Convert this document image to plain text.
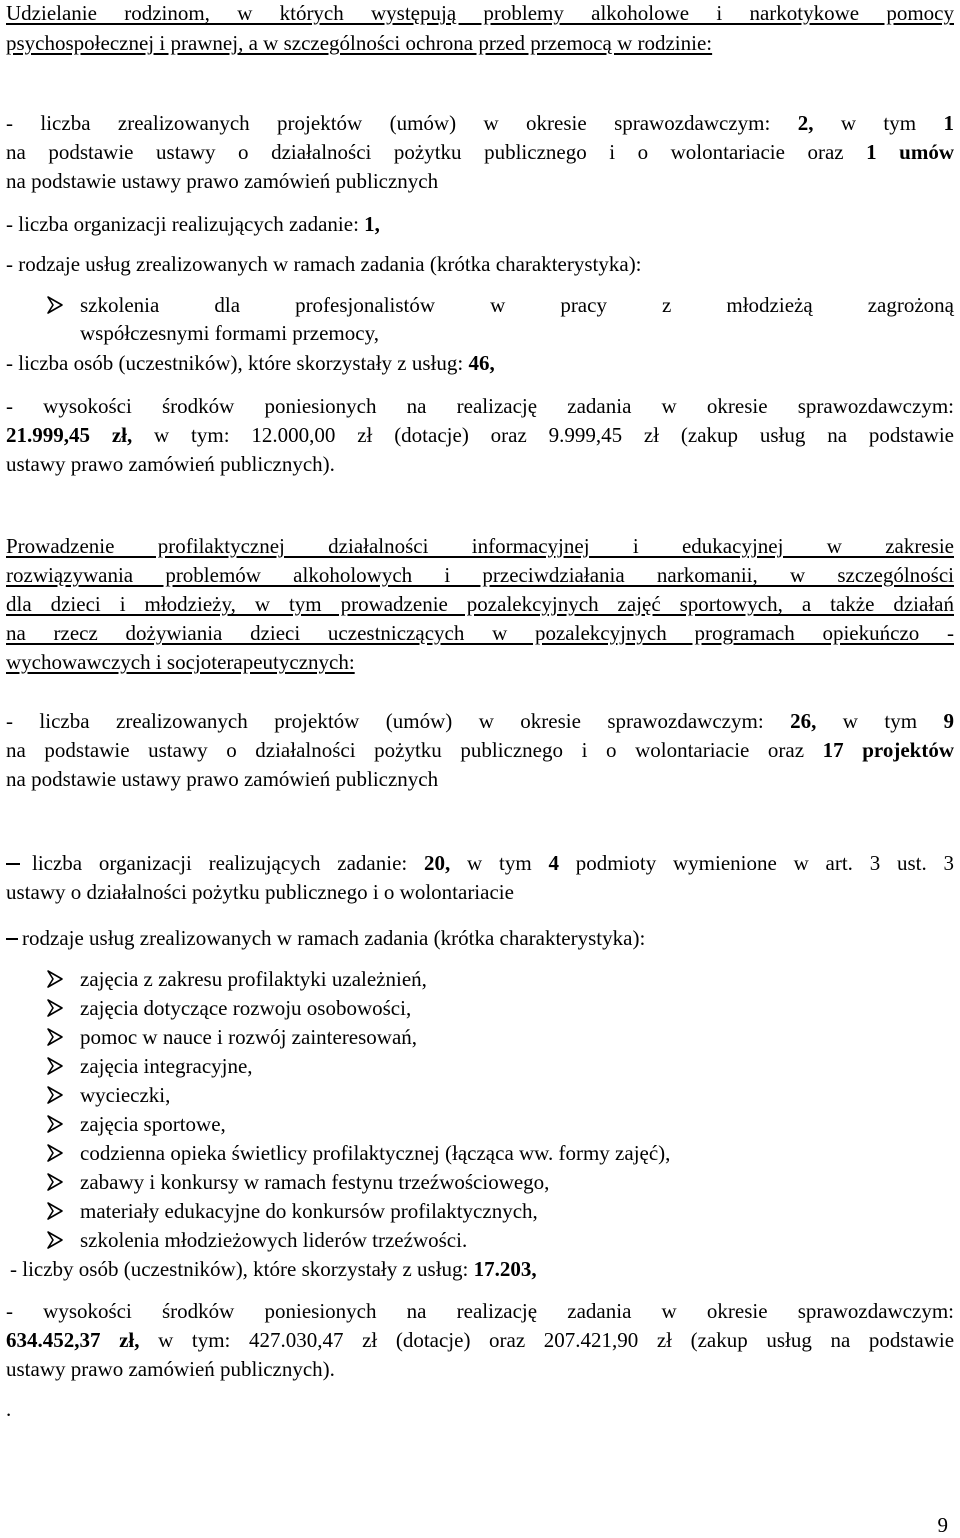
Udzielanie rodzinom, w których występują problemy alkoholowe i narkotykowe pomocy
psychospołecznej i prawnej, a w szczególności ochrona przed przemocą w rodzinie:
- liczba zrealizowanych projektów (umów) w okresie sprawozdawczym: 2, w tym 1
na podstawie ustawy o działalności pożytku publicznego i o wolontariacie oraz 1 umów
na podstawie ustawy prawo zamówień publicznych
- liczba organizacji realizujących zadanie: 1,
- rodzaje usług zrealizowanych w ramach zadania (krótka charakterystyka):
szkolenia dla profesjonalistów w pracy z młodzieżą zagrożoną
współczesnymi formami przemocy,
- liczba osób (uczestników), które skorzystały z usług: 46,
- wysokości środków poniesionych na realizację zadania w okresie sprawozdawczym:
21.999,45 zł, w tym: 12.000,00 zł (dotacje) oraz 9.999,45 zł (zakup usług na podstawie
ustawy prawo zamówień publicznych).
Prowadzenie profilaktycznej działalności informacyjnej i edukacyjnej w zakresie
rozwiązywania problemów alkoholowych i przeciwdziałania narkomanii, w szczególności
dla dzieci i młodzieży, w tym prowadzenie pozalekcyjnych zajęć sportowych, a także działań
na rzecz dożywiania dzieci uczestniczących w pozalekcyjnych programach opiekuńczo -
wychowawczych i socjoterapeutycznych:
- liczba zrealizowanych projektów (umów) w okresie sprawozdawczym: 26, w tym 9
na podstawie ustawy o działalności pożytku publicznego i o wolontariacie oraz 17 projektów
na podstawie ustawy prawo zamówień publicznych
liczba organizacji realizujących zadanie: 20, w tym 4 podmioty wymienione w art. 3 ust. 3
ustawy o działalności pożytku publicznego i o wolontariacie
rodzaje usług zrealizowanych w ramach zadania (krótka charakterystyka):
zajęcia z zakresu profilaktyki uzależnień,
zajęcia dotyczące rozwoju osobowości,
pomoc w nauce i rozwój zainteresowań,
zajęcia integracyjne,
wycieczki,
zajęcia sportowe,
codzienna opieka świetlicy profilaktycznej (łącząca ww. formy zajęć),
zabawy i konkursy w ramach festynu trzeźwościowego,
materiały edukacyjne do konkursów profilaktycznych,
szkolenia młodzieżowych liderów trzeźwości.
- liczby osób (uczestników), które skorzystały z usług: 17.203,
- wysokości środków poniesionych na realizację zadania w okresie sprawozdawczym:
634.452,37 zł, w tym: 427.030,47 zł (dotacje) oraz 207.421,90 zł (zakup usług na podstawie
ustawy prawo zamówień publicznych).
.
9
